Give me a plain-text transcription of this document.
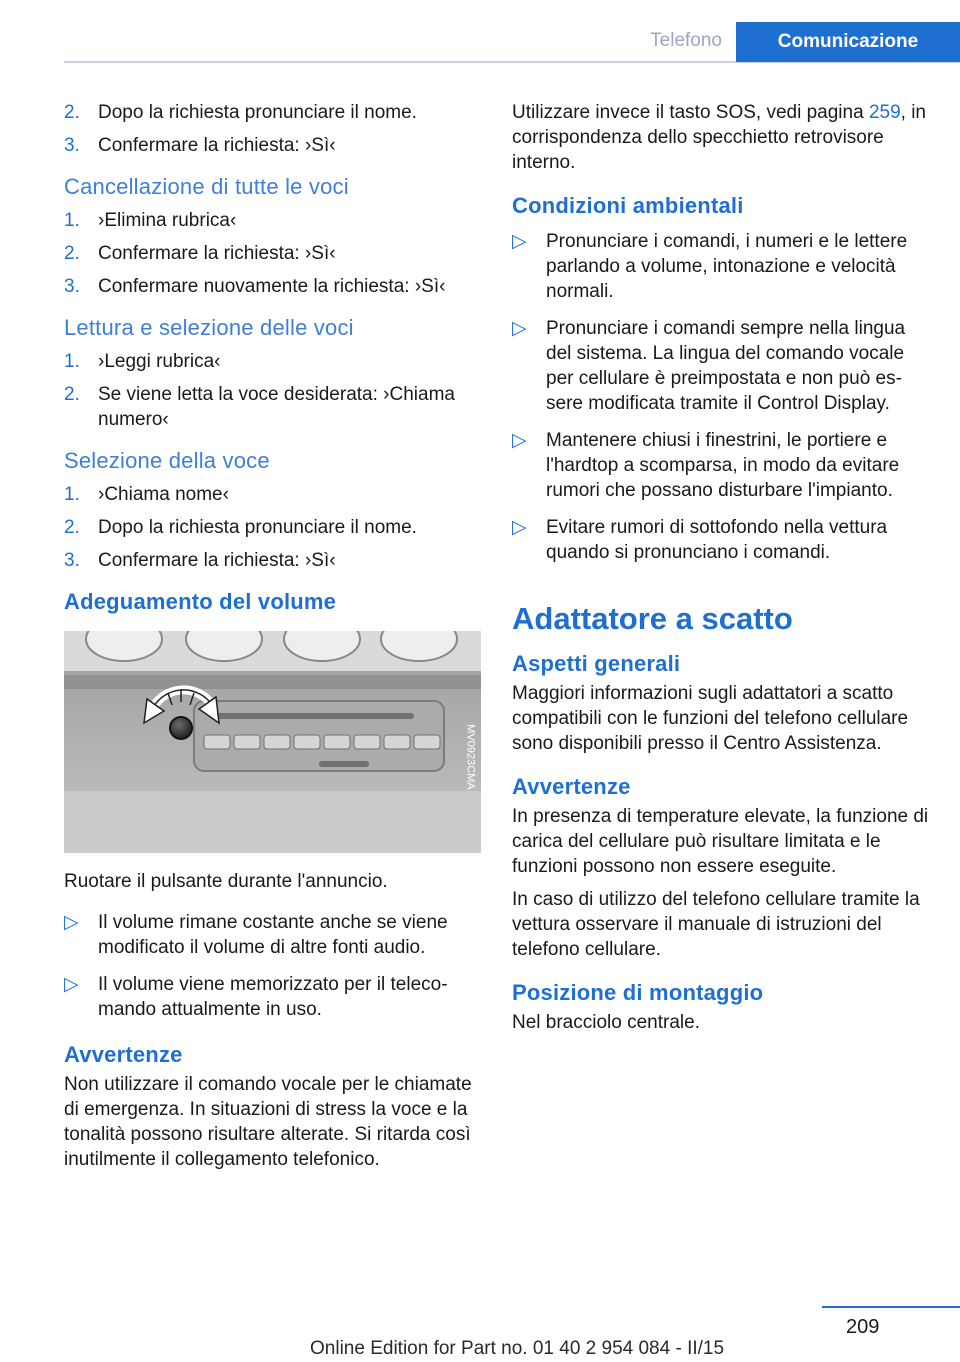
Telefono	Comunicazione
2. Dopo la richiesta pronunciare il nome.
3. Confermare la richiesta: ›Sì‹
Cancellazione di tutte le voci
1. ›Elimina rubrica‹
2. Confermare la richiesta: ›Sì‹
3. Confermare nuovamente la richiesta: ›Sì‹
Lettura e selezione delle voci
1. ›Leggi rubrica‹
2. Se viene letta la voce desiderata: ›Chiama numero‹
Selezione della voce
1. ›Chiama nome‹
2. Dopo la richiesta pronunciare il nome.
3. Confermare la richiesta: ›Sì‹
Adeguamento del volume
MV0923CMA

Ruotare il pulsante durante l'annuncio.

▷	Il volume rimane costante anche se viene modificato il volume di altre fonti audio.
▷	Il volume viene memorizzato per il telecomando attualmente in uso.
Avvertenze

Non utilizzare il comando vocale per le chiamate di emergenza. In situazioni di stress la voce e la tonalità possono risultare alterate. Si ritarda così inutilmente il collegamento telefonico.

Utilizzare invece il tasto SOS, vedi pagina 259, in corrispondenza dello specchietto retrovisore interno.

Condizioni ambientali
▷	Pronunciare i comandi, i numeri e le lettere parlando a volume, intonazione e velocità normali.
▷	Pronunciare i comandi sempre nella lingua del sistema. La lingua del comando vocale per cellulare è preimpostata e non può essere modificata tramite il Control Display.
▷	Mantenere chiusi i finestrini, le portiere e l'hardtop a scomparsa, in modo da evitare rumori che possano disturbare l'impianto.
▷	Evitare rumori di sottofondo nella vettura quando si pronunciano i comandi.
Adattatore a scatto
Aspetti generali

Maggiori informazioni sugli adattatori a scatto compatibili con le funzioni del telefono cellulare sono disponibili presso il Centro Assistenza.

Avvertenze

In presenza di temperature elevate, la funzione di carica del cellulare può risultare limitata e le funzioni possono non essere eseguite.

In caso di utilizzo del telefono cellulare tramite la vettura osservare il manuale di istruzioni del telefono cellulare.

Posizione di montaggio

Nel bracciolo centrale.

209
Online Edition for Part no. 01 40 2 954 084 - II/15
